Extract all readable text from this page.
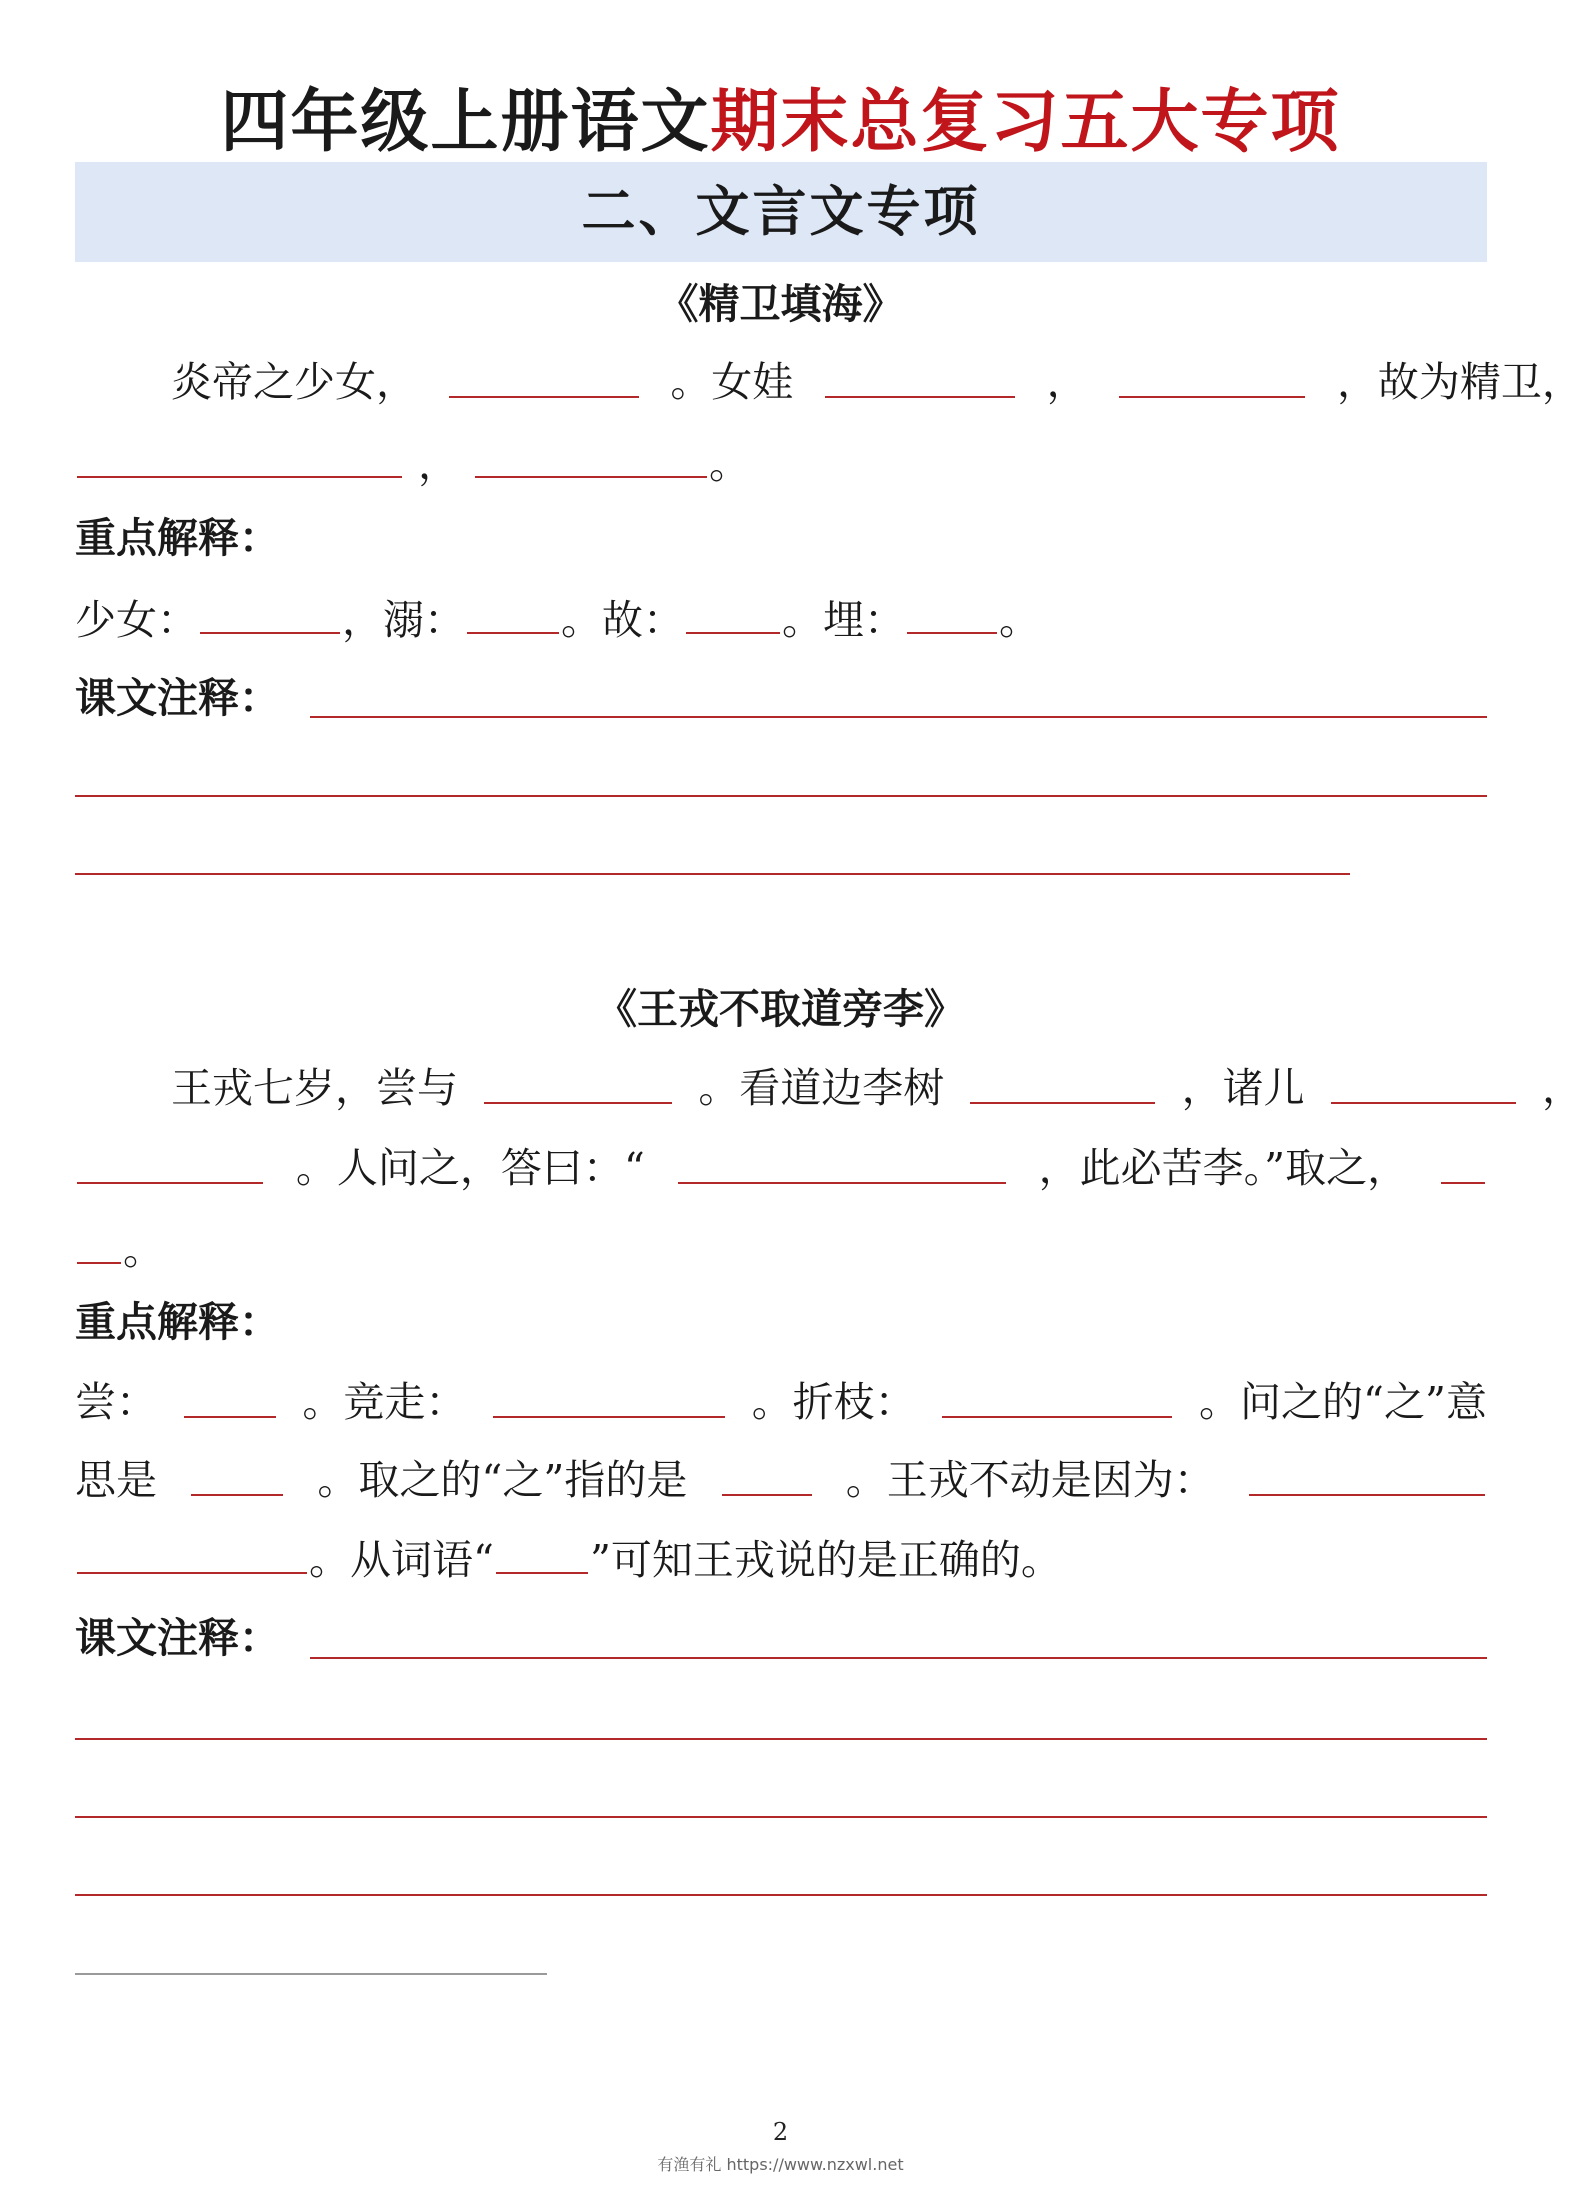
四年级上册语文期末总复习五大专项
二、文言文专项
《精卫填海》
炎帝之少女，	。女娃	，	，故为精卫，
，	。
重点解释：
少女：	，溺： 。故： 。埋： 。
课文注释：
《王戎不取道旁李》
王戎七岁，尝与	。看道边李树	，诸儿	，
。人问之，答曰：“	，此必苦李。”取之，
。
重点解释：
尝：	。竞走：	。折枝：	。问之的“之”意
思是	。取之的“之”指的是	。王戎不动是因为：
。从词语“ ”可知王戎说的是正确的。
课文注释：
2
有渔有礼 https://www.nzxwl.net
